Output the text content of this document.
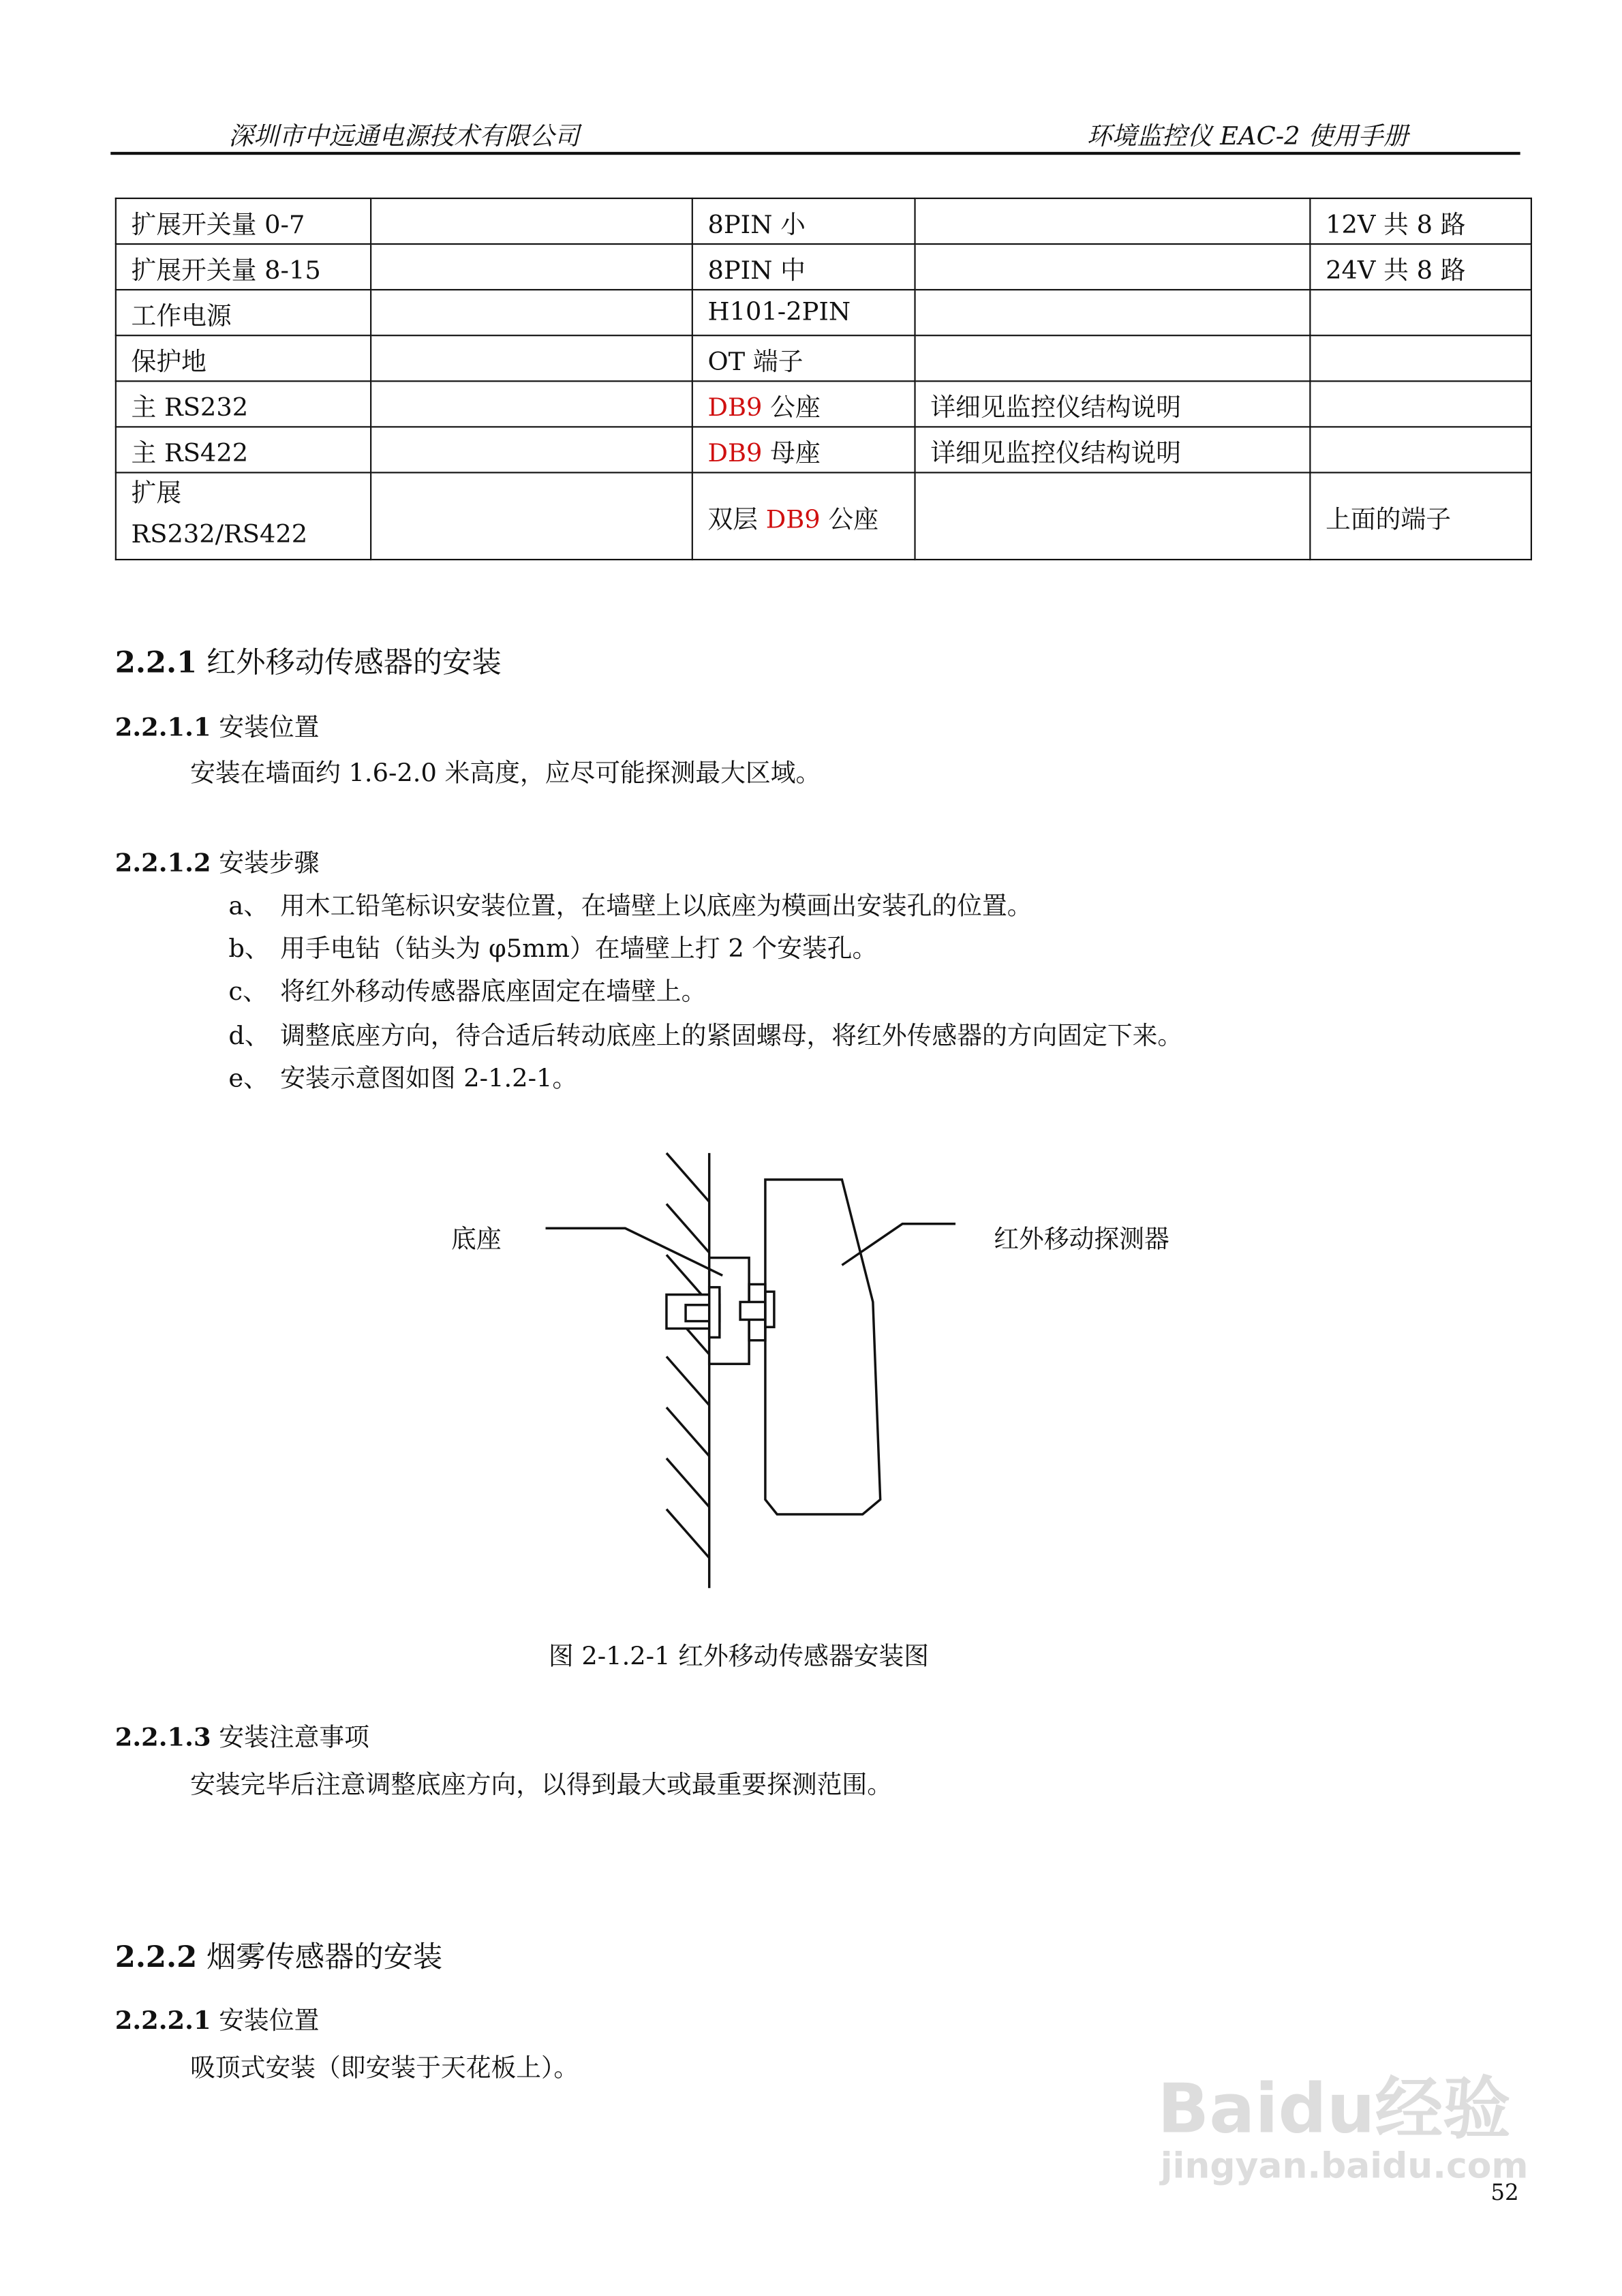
深圳市中远通电源技术有限公司	环境监控仪 EAC-2 使用手册
扩展开关量 0-7		8PIN 小		12V 共 8 路
扩展开关量 8-15		8PIN 中		24V 共 8 路
工作电源		H101-2PIN		
保护地		OT 端子		
主 RS232		DB9 公座	详细见监控仪结构说明	
主 RS422		DB9 母座	详细见监控仪结构说明	

扩展
RS232/RS422		双层 DB9 公座		上面的端子
2.2.1 红外移动传感器的安装
2.2.1.1 安装位置
安装在墙面约 1.6-2.0 米高度，应尽可能探测最大区域。
2.2.1.2 安装步骤
a、 用木工铅笔标识安装位置，在墙壁上以底座为模画出安装孔的位置。
b、 用手电钻（钻头为 φ5mm）在墙壁上打 2 个安装孔。
c、 将红外移动传感器底座固定在墙壁上。
d、 调整底座方向，待合适后转动底座上的紧固螺母，将红外传感器的方向固定下来。
e、 安装示意图如图 2-1.2-1。
底座	红外移动探测器
图 2-1.2-1 红外移动传感器安装图
2.2.1.3 安装注意事项
安装完毕后注意调整底座方向，以得到最大或最重要探测范围。
2.2.2 烟雾传感器的安装
2.2.2.1 安装位置
吸顶式安装（即安装于天花板上）。	Baidu经验
jingyan.baidu.com
52
